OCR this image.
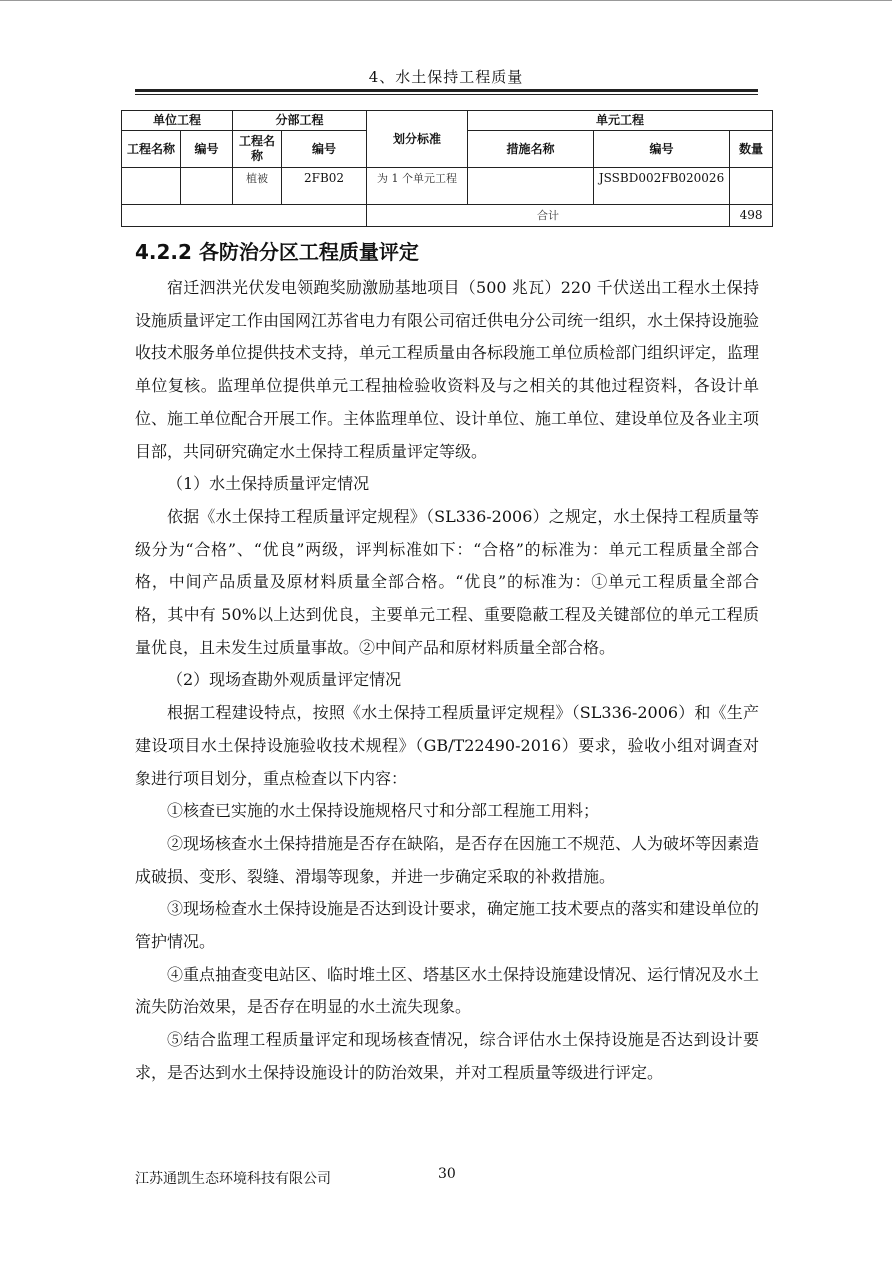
4、水土保持工程质量
单位工程		分部工程		划分标准	单元工程		
工程名称	编号	工程名称	编号		措施名称	编号	数量
		植被	2FB02	为 1 个单元工程		JSSBD002FB020026	
				合计			498
4.2.2 各防治分区工程质量评定

宿迁泗洪光伏发电领跑奖励激励基地项目（500 兆瓦）220 千伏送出工程水土保持设施质量评定工作由国网江苏省电力有限公司宿迁供电分公司统一组织，水土保持设施验收技术服务单位提供技术支持，单元工程质量由各标段施工单位质检部门组织评定，监理单位复核。监理单位提供单元工程抽检验收资料及与之相关的其他过程资料，各设计单位、施工单位配合开展工作。主体监理单位、设计单位、施工单位、建设单位及各业主项目部，共同研究确定水土保持工程质量评定等级。

（1）水土保持质量评定情况

依据《水土保持工程质量评定规程》（SL336-2006）之规定，水土保持工程质量等级分为“合格”、“优良”两级，评判标准如下：“合格”的标准为：单元工程质量全部合格，中间产品质量及原材料质量全部合格。“优良”的标准为：①单元工程质量全部合格，其中有 50%以上达到优良，主要单元工程、重要隐蔽工程及关键部位的单元工程质量优良，且未发生过质量事故。②中间产品和原材料质量全部合格。

（2）现场查勘外观质量评定情况

根据工程建设特点，按照《水土保持工程质量评定规程》（SL336-2006）和《生产建设项目水土保持设施验收技术规程》（GB/T22490-2016）要求，验收小组对调查对象进行项目划分，重点检查以下内容：

①核查已实施的水土保持设施规格尺寸和分部工程施工用料；

②现场核查水土保持措施是否存在缺陷，是否存在因施工不规范、人为破坏等因素造成破损、变形、裂缝、滑塌等现象，并进一步确定采取的补救措施。

③现场检查水土保持设施是否达到设计要求，确定施工技术要点的落实和建设单位的管护情况。

④重点抽查变电站区、临时堆土区、塔基区水土保持设施建设情况、运行情况及水土流失防治效果，是否存在明显的水土流失现象。

⑤结合监理工程质量评定和现场核查情况，综合评估水土保持设施是否达到设计要求，是否达到水土保持设施设计的防治效果，并对工程质量等级进行评定。

江苏通凯生态环境科技有限公司	30
